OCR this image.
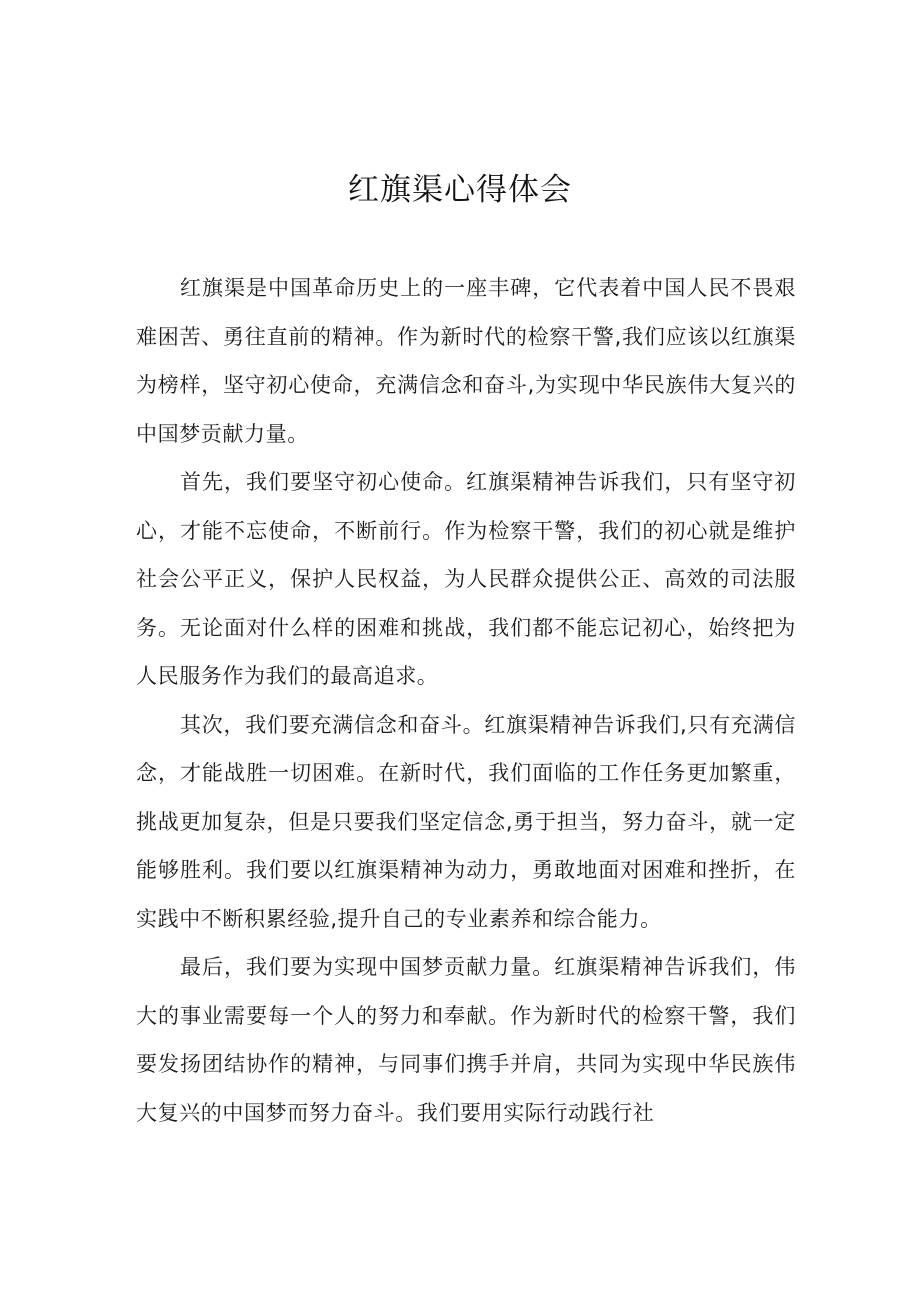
红旗渠心得体会

红旗渠是中国革命历史上的一座丰碑，它代表着中国人民不畏艰难困苦、勇往直前的精神。作为新时代的检察干警,我们应该以红旗渠为榜样，坚守初心使命，充满信念和奋斗,为实现中华民族伟大复兴的中国梦贡献力量。

首先，我们要坚守初心使命。红旗渠精神告诉我们，只有坚守初心，才能不忘使命，不断前行。作为检察干警，我们的初心就是维护社会公平正义，保护人民权益，为人民群众提供公正、高效的司法服务。无论面对什么样的困难和挑战，我们都不能忘记初心，始终把为人民服务作为我们的最高追求。

其次，我们要充满信念和奋斗。红旗渠精神告诉我们,只有充满信念，才能战胜一切困难。在新时代，我们面临的工作任务更加繁重，挑战更加复杂，但是只要我们坚定信念,勇于担当，努力奋斗，就一定能够胜利。我们要以红旗渠精神为动力，勇敢地面对困难和挫折，在实践中不断积累经验,提升自己的专业素养和综合能力。

最后，我们要为实现中国梦贡献力量。红旗渠精神告诉我们，伟大的事业需要每一个人的努力和奉献。作为新时代的检察干警，我们要发扬团结协作的精神，与同事们携手并肩，共同为实现中华民族伟大复兴的中国梦而努力奋斗。我们要用实际行动践行社
